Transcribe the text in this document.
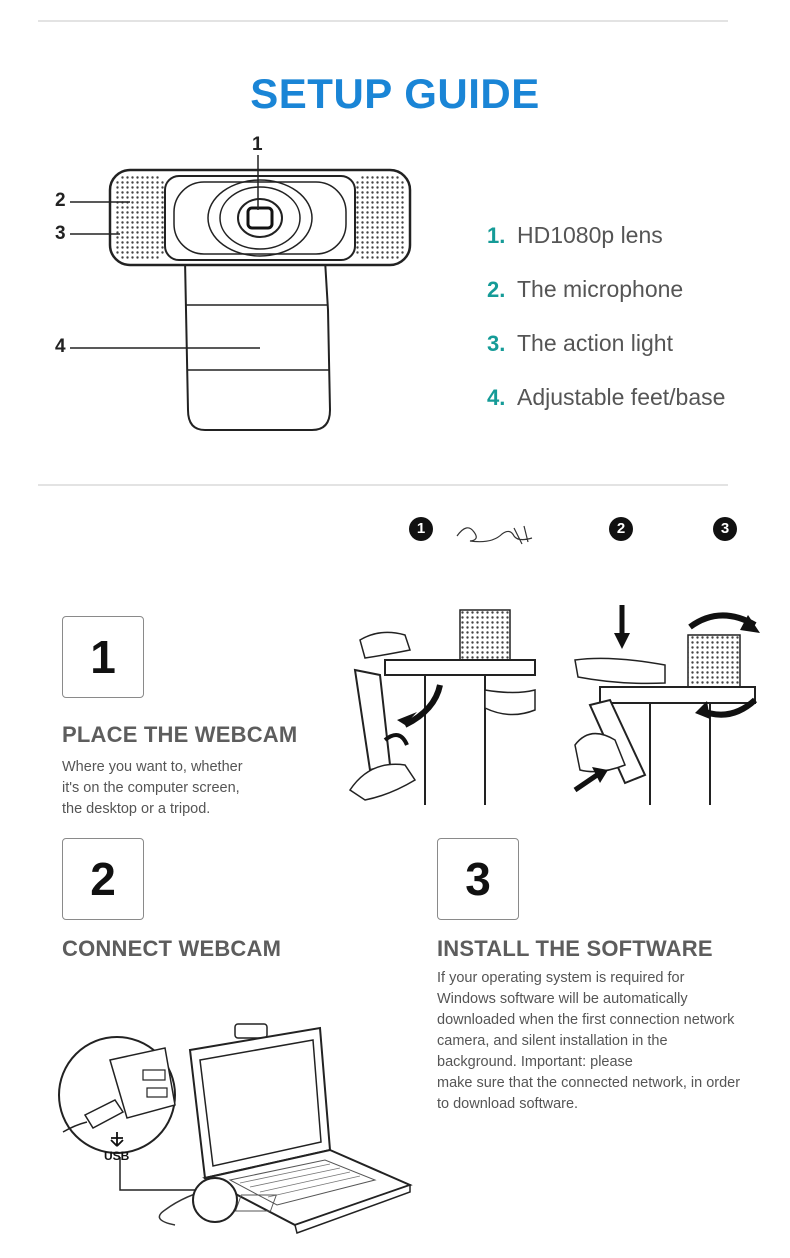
SETUP GUIDE
1
2
3
4
1. HD1080p lens
2. The microphone
3. The action light
4. Adjustable feet/base
1	2	3
1
PLACE THE WEBCAM
Where you want to, whether
it's on the computer screen,
the desktop or a tripod.
2
CONNECT WEBCAM
3
INSTALL THE SOFTWARE
If your operating system is required for
Windows software will be automatically
downloaded when the first connection network
camera, and silent installation in the
background. Important: please
make sure that the connected network, in order
to download software.
USB
